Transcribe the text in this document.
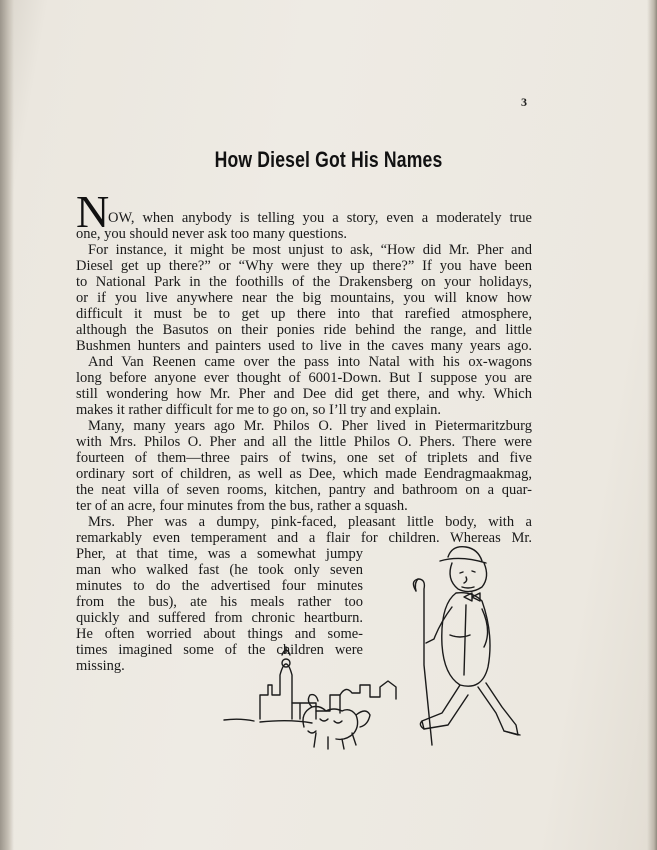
3
How Diesel Got His Names
N
OW, when anybody is telling you a story, even a moderately true
one, you should never ask too many questions.
For instance, it might be most unjust to ask, “How did Mr. Pher and
Diesel get up there?” or “Why were they up there?” If you have been
to National Park in the foothills of the Drakensberg on your holidays,
or if you live anywhere near the big mountains, you will know how
difficult it must be to get up there into that rarefied atmosphere,
although the Basutos on their ponies ride behind the range, and little
Bushmen hunters and painters used to live in the caves many years ago.
And Van Reenen came over the pass into Natal with his ox-wagons
long before anyone ever thought of 6001-Down. But I suppose you are
still wondering how Mr. Pher and Dee did get there, and why. Which
makes it rather difficult for me to go on, so I’ll try and explain.
Many, many years ago Mr. Philos O. Pher lived in Pietermaritzburg
with Mrs. Philos O. Pher and all the little Philos O. Phers. There were
fourteen of them—three pairs of twins, one set of triplets and five
ordinary sort of children, as well as Dee, which made Eendragmaakmag,
the neat villa of seven rooms, kitchen, pantry and bathroom on a quar-
ter of an acre, four minutes from the bus, rather a squash.
Mrs. Pher was a dumpy, pink-faced, pleasant little body, with a
remarkably even temperament and a flair for children. Whereas Mr.
Pher, at that time, was a somewhat jumpy
man who walked fast (he took only seven
minutes to do the advertised four minutes
from the bus), ate his meals rather too
quickly and suffered from chronic heartburn.
He often worried about things and some-
times imagined some of the children were
missing.
